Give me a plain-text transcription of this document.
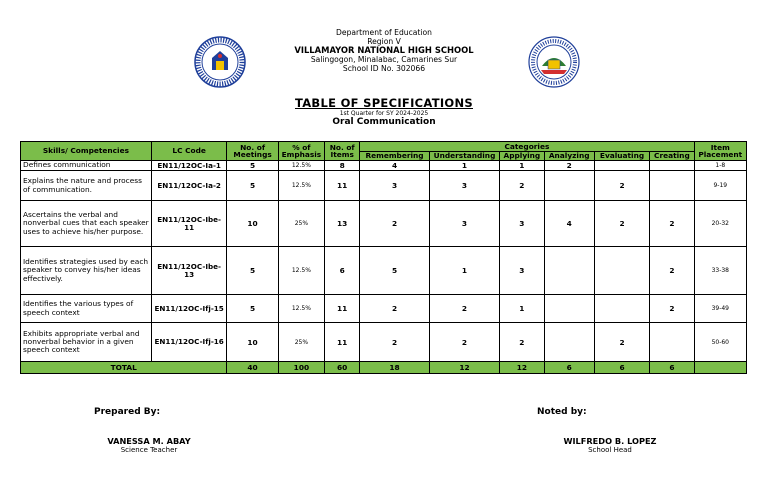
Department of Education
Region V
VILLAMAYOR NATIONAL HIGH SCHOOL
Salingogon, Minalabac, Camarines Sur
School ID No. 302066
TABLE OF SPECIFICATIONS
1st Quarter for SY 2024-2025
Oral Communication
Skills/ Competencies	LC Code	No. of Meetings	% of Emphasis	No. of Items	Categories						Item Placement
					Remembering	Understanding	Applying	Analyzing	Evaluating	Creating	
Defines communication	EN11/12OC-Ia-1	5	12.5%	8	4	1	1	2			1-8
Explains the nature and process of communication.	EN11/12OC-Ia-2	5	12.5%	11	3	3	2		2		9-19
Ascertains the verbal and nonverbal cues that each speaker uses to achieve his/her purpose.	EN11/12OC-Ibe-11	10	25%	13	2	3	3	4	2	2	20-32
Identifies strategies used by each speaker to convey his/her ideas effectively.	EN11/12OC-Ibe-13	5	12.5%	6	5	1	3			2	33-38
Identifies the various types of speech context	EN11/12OC-Ifj-15	5	12.5%	11	2	2	1			2	39-49
Exhibits appropriate verbal and nonverbal behavior in a given speech context	EN11/12OC-Ifj-16	10	25%	11	2	2	2		2		50-60
TOTAL		40	100	60	18	12	12	6	6	6	
Prepared By:
VANESSA M. ABAY
Science Teacher
Noted by:
WILFREDO B. LOPEZ
School Head
